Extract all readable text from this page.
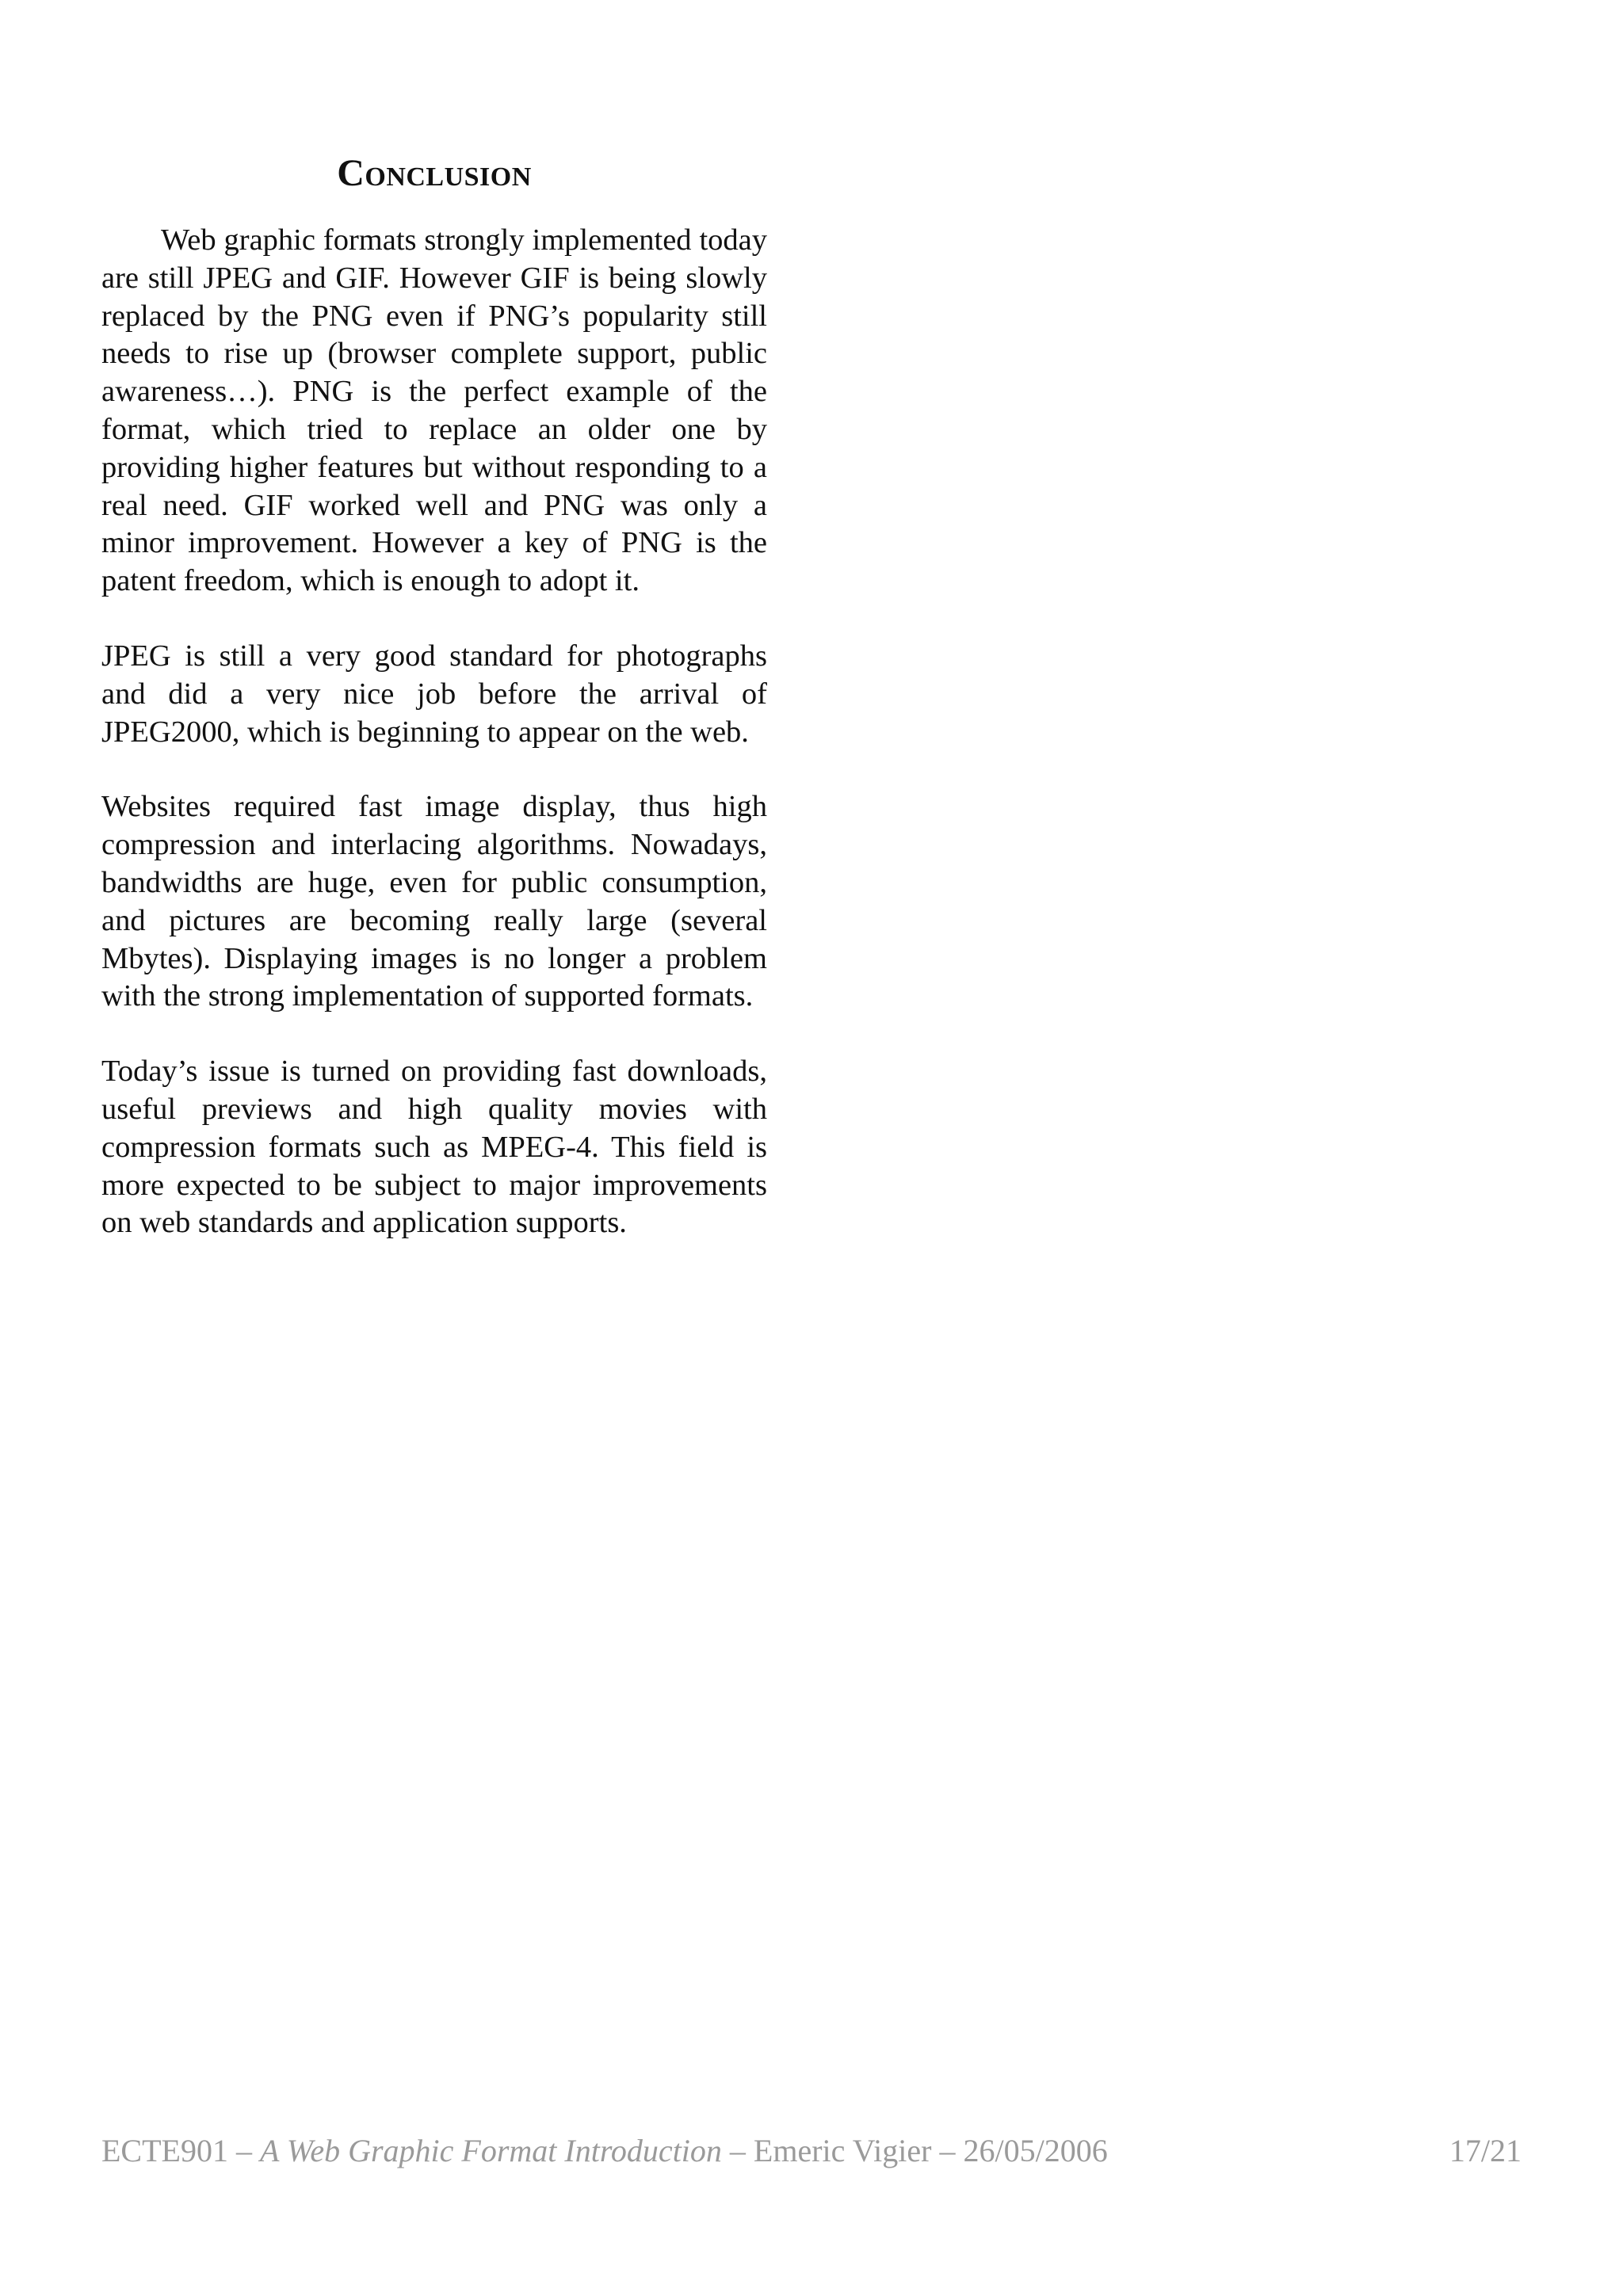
Conclusion

Web graphic formats strongly implemented today are still JPEG and GIF. However GIF is being slowly replaced by the PNG even if PNG’s popularity still needs to rise up (browser complete support, public awareness…). PNG is the perfect example of the format, which tried to replace an older one by providing higher features but without responding to a real need. GIF worked well and PNG was only a minor improvement. However a key of PNG is the patent freedom, which is enough to adopt it.

JPEG is still a very good standard for photographs and did a very nice job before the arrival of JPEG2000, which is beginning to appear on the web.

Websites required fast image display, thus high compression and interlacing algorithms. Nowadays, bandwidths are huge, even for public consumption, and pictures are becoming really large (several Mbytes). Displaying images is no longer a problem with the strong implementation of supported formats.

Today’s issue is turned on providing fast downloads, useful previews and high quality movies with compression formats such as MPEG-4. This field is more expected to be subject to major improvements on web standards and application supports.

ECTE901 – A Web Graphic Format Introduction – Emeric Vigier – 26/05/2006	17/21
